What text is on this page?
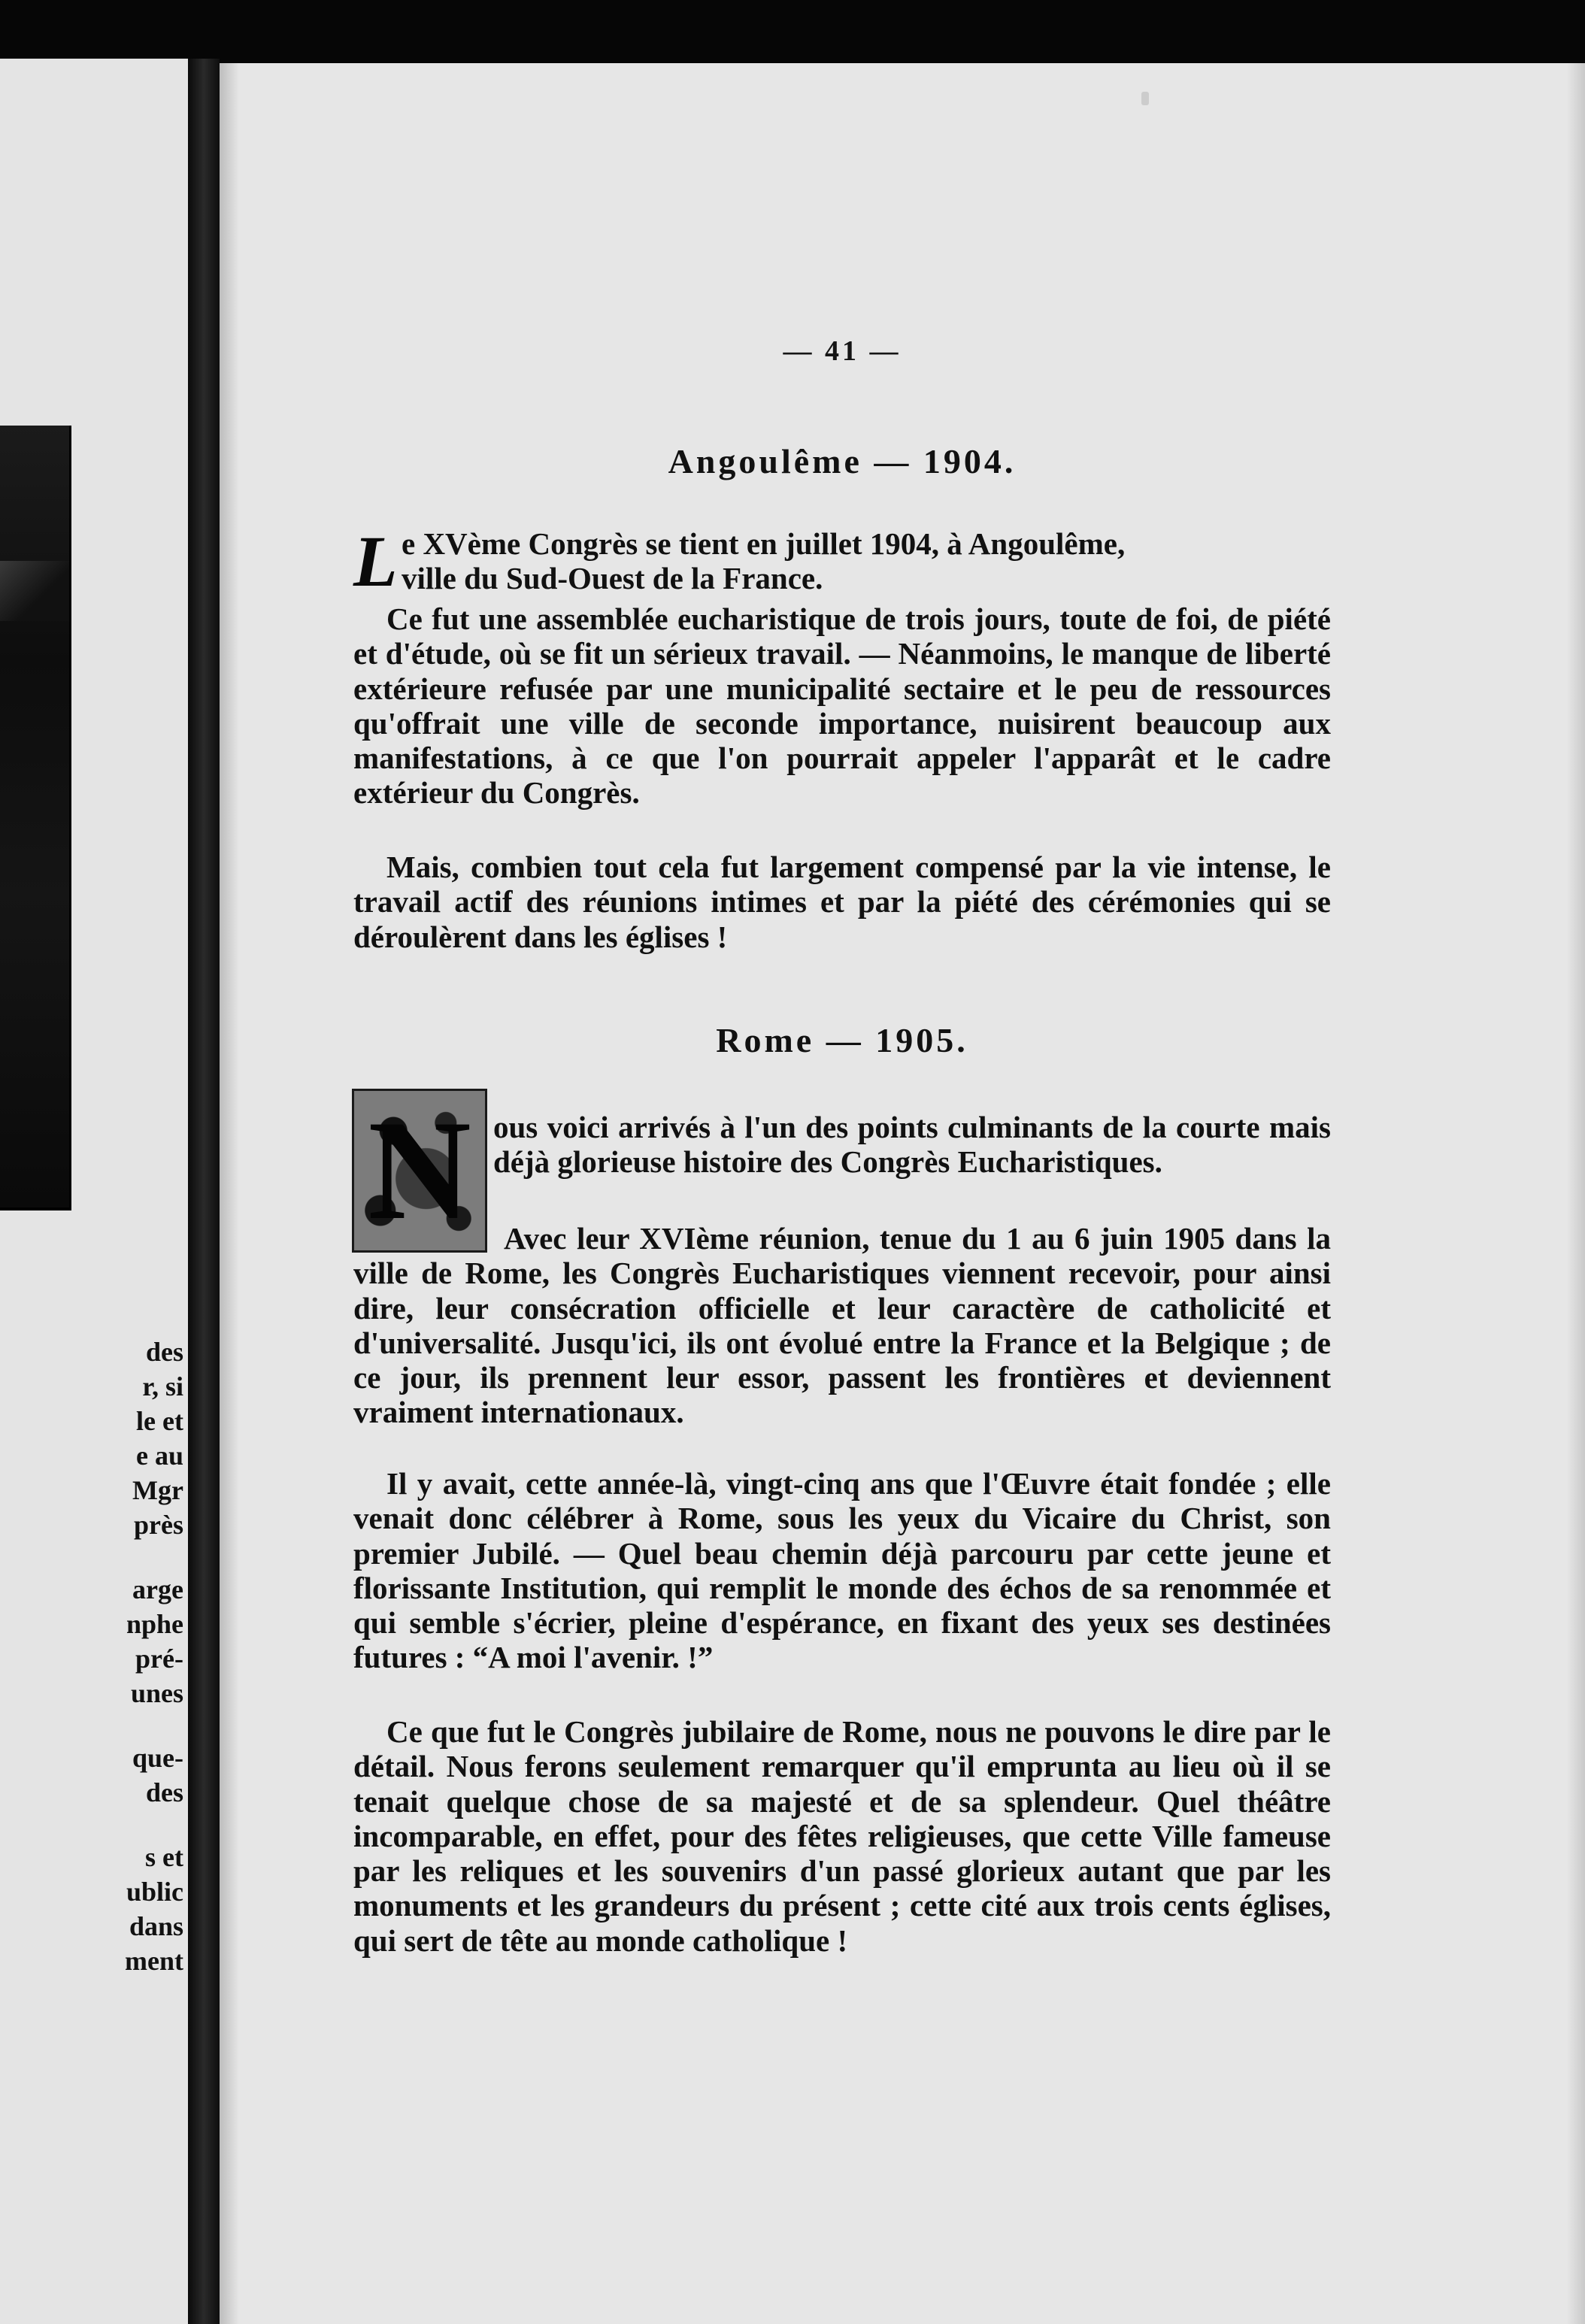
des
r, si
le et
e au
Mgr
près
arge
nphe
pré-
unes
que-
des
s et
ublic
dans
ment
— 41 —
Angoulême — 1904.
L e XVème Congrès se tient en juillet 1904, à Angoulême,

ville du Sud-Ouest de la France.

Ce fut une assemblée eucharistique de trois jours, toute de foi, de piété et d'étude, où se fit un sérieux travail. — Néanmoins, le manque de liberté extérieure refusée par une municipalité sectaire et le peu de ressources qu'offrait une ville de seconde importance, nuisirent beaucoup aux manifestations, à ce que l'on pourrait appeler l'apparât et le cadre extérieur du Congrès.

Mais, combien tout cela fut largement compensé par la vie intense, le travail actif des réunions intimes et par la piété des cérémonies qui se déroulèrent dans les églises !

Rome — 1905.
N ous voici arrivés à l'un des points culminants de la courte mais déjà glorieuse histoire des Congrès Eucharistiques.

Avec leur XVIème réunion, tenue du 1 au 6 juin 1905 dans la ville de Rome, les Congrès Eucharistiques viennent recevoir, pour ainsi dire, leur consécration officielle et leur caractère de catholicité et d'universalité. Jusqu'ici, ils ont évolué entre la France et la Belgique ; de ce jour, ils prennent leur essor, passent les frontières et deviennent vraiment internationaux.

Il y avait, cette année-là, vingt-cinq ans que l'Œuvre était fondée ; elle venait donc célébrer à Rome, sous les yeux du Vicaire du Christ, son premier Jubilé. — Quel beau chemin déjà parcouru par cette jeune et florissante Institution, qui remplit le monde des échos de sa renommée et qui semble s'écrier, pleine d'espérance, en fixant des yeux ses destinées futures : “A moi l'avenir. !”

Ce que fut le Congrès jubilaire de Rome, nous ne pouvons le dire par le détail. Nous ferons seulement remarquer qu'il emprunta au lieu où il se tenait quelque chose de sa majesté et de sa splendeur. Quel théâtre incomparable, en effet, pour des fêtes religieuses, que cette Ville fameuse par les reliques et les souvenirs d'un passé glorieux autant que par les monuments et les grandeurs du présent ; cette cité aux trois cents églises, qui sert de tête au monde catholique !
